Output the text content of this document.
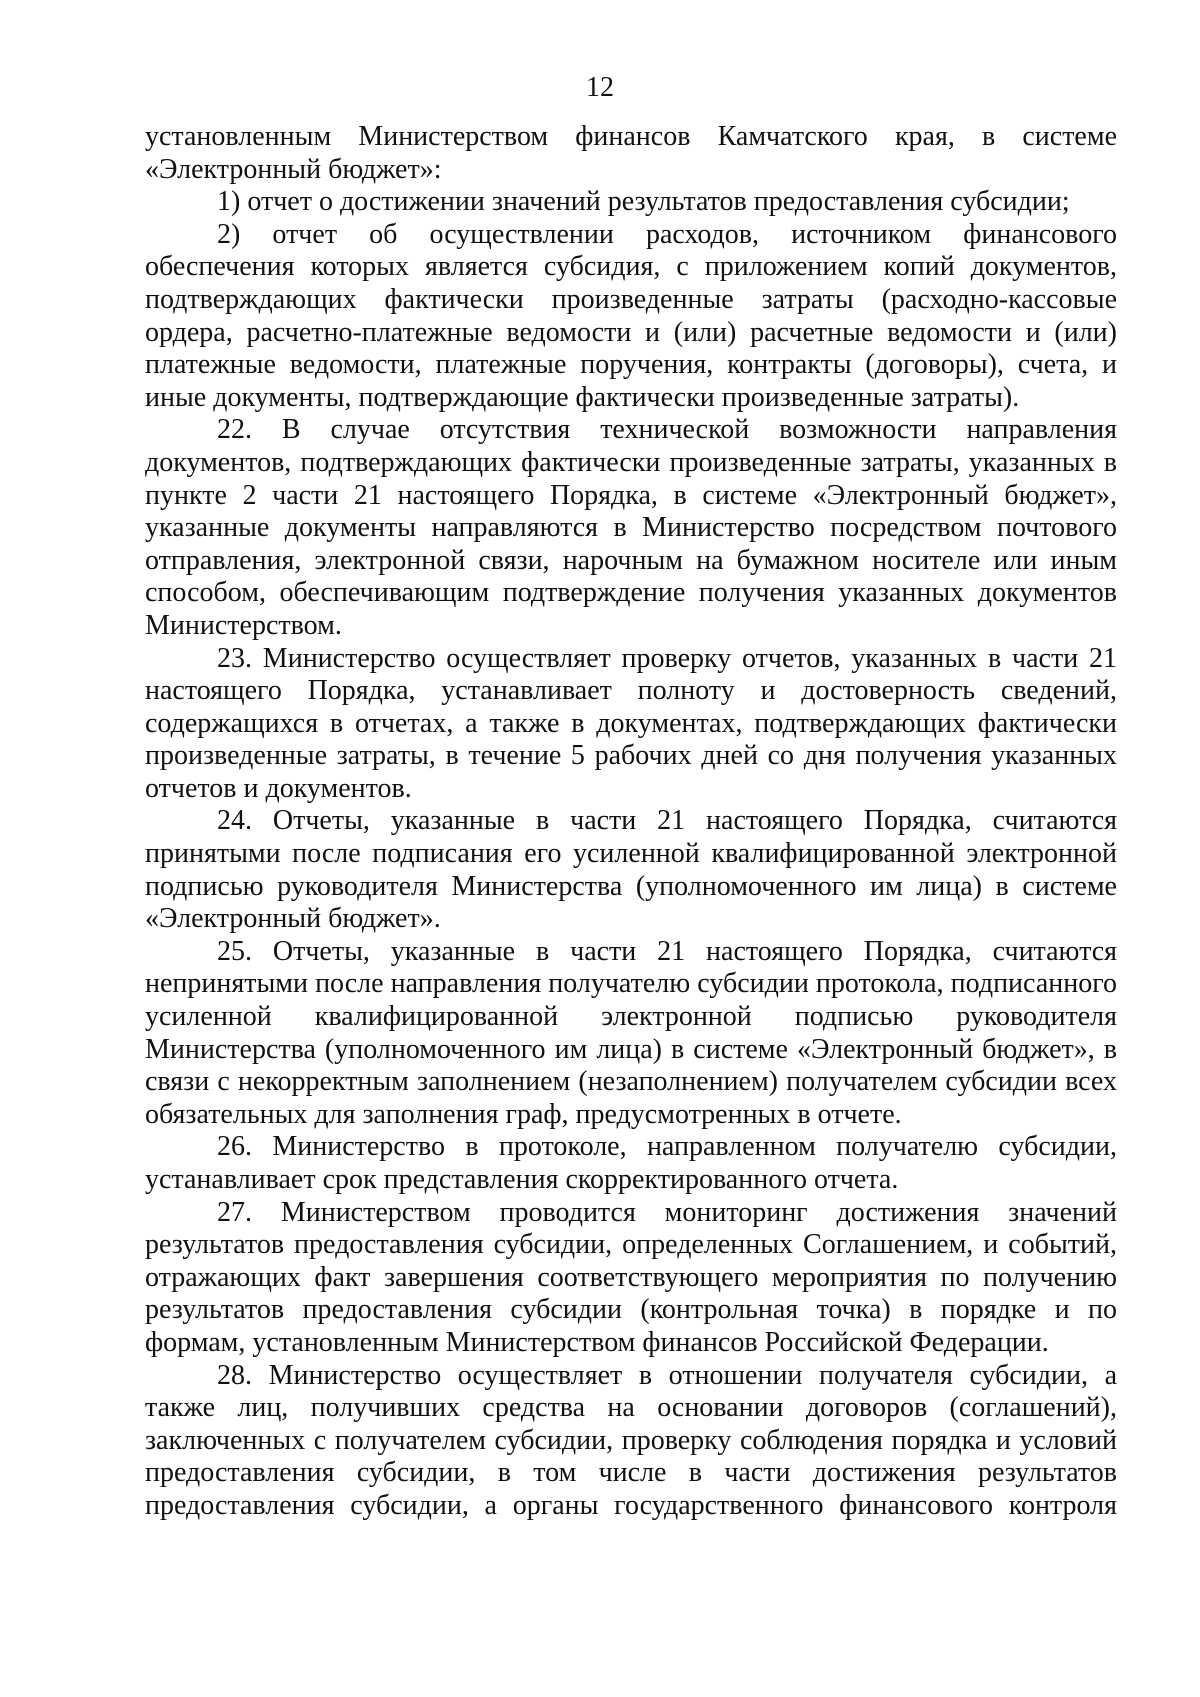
12

установленным Министерством финансов Камчатского края, в системе «Электронный бюджет»:

1) отчет о достижении значений результатов предоставления субсидии;

2) отчет об осуществлении расходов, источником финансового обеспечения которых является субсидия, с приложением копий документов, подтверждающих фактически произведенные затраты (расходно-кассовые ордера, расчетно-платежные ведомости и (или) расчетные ведомости и (или) платежные ведомости, платежные поручения, контракты (договоры), счета, и иные документы, подтверждающие фактически произведенные затраты).

22. В случае отсутствия технической возможности направления документов, подтверждающих фактически произведенные затраты, указанных в пункте 2 части 21 настоящего Порядка, в системе «Электронный бюджет», указанные документы направляются в Министерство посредством почтового отправления, электронной связи, нарочным на бумажном носителе или иным способом, обеспечивающим подтверждение получения указанных документов Министерством.

23. Министерство осуществляет проверку отчетов, указанных в части 21 настоящего Порядка, устанавливает полноту и достоверность сведений, содержащихся в отчетах, а также в документах, подтверждающих фактически произведенные затраты, в течение 5 рабочих дней со дня получения указанных отчетов и документов.

24. Отчеты, указанные в части 21 настоящего Порядка, считаются принятыми после подписания его усиленной квалифицированной электронной подписью руководителя Министерства (уполномоченного им лица) в системе «Электронный бюджет».

25. Отчеты, указанные в части 21 настоящего Порядка, считаются непринятыми после направления получателю субсидии протокола, подписанного усиленной квалифицированной электронной подписью руководителя Министерства (уполномоченного им лица) в системе «Электронный бюджет», в связи с некорректным заполнением (незаполнением) получателем субсидии всех обязательных для заполнения граф, предусмотренных в отчете.

26. Министерство в протоколе, направленном получателю субсидии, устанавливает срок представления скорректированного отчета.

27. Министерством проводится мониторинг достижения значений результатов предоставления субсидии, определенных Соглашением, и событий, отражающих факт завершения соответствующего мероприятия по получению результатов предоставления субсидии (контрольная точка) в порядке и по формам, установленным Министерством финансов Российской Федерации.

28. Министерство осуществляет в отношении получателя субсидии, а также лиц, получивших средства на основании договоров (соглашений), заключенных с получателем субсидии, проверку соблюдения порядка и условий предоставления субсидии, в том числе в части достижения результатов предоставления субсидии, а органы государственного финансового контроля
